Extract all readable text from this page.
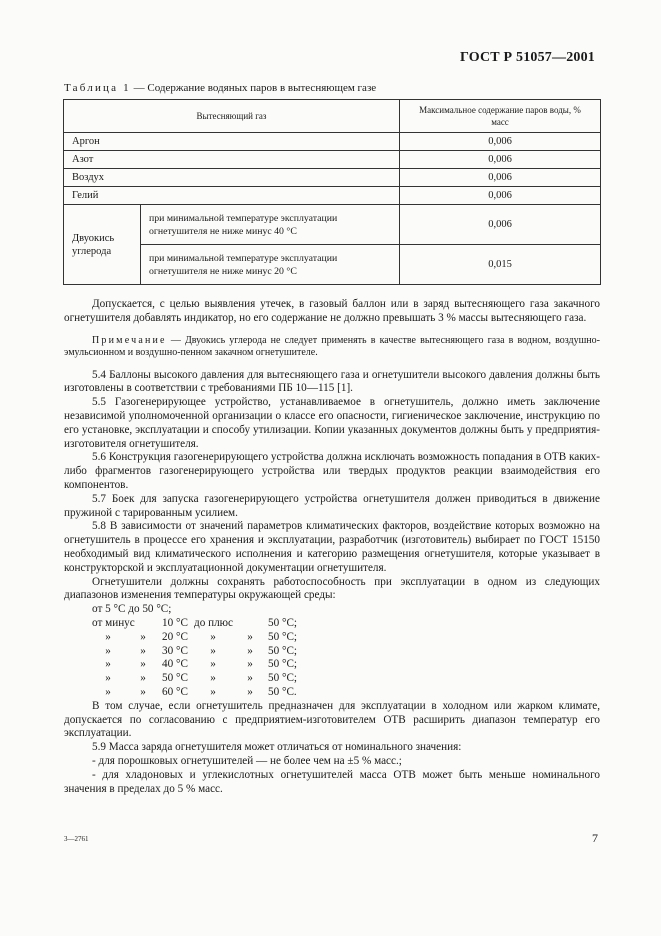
ГОСТ Р 51057—2001
Таблица 1 — Содержание водяных паров в вытесняющем газе
Вытесняющий газ		Максимальное содержание паров воды, % масс
Аргон		0,006
Азот		0,006
Воздух		0,006
Гелий		0,006
Двуокись углерода	при минимальной температуре эксплуатации огнетушителя не ниже минус 40 °С	0,006
	при минимальной температуре эксплуатации огнетушителя не ниже минус 20 °С	0,015

Допускается, с целью выявления утечек, в газовый баллон или в заряд вытесняющего газа закачного огнетушителя добавлять индикатор, но его содержание не должно превышать 3 % массы вытесняющего газа.

Примечание — Двуокись углерода не следует применять в качестве вытесняющего газа в водном, воздушно-эмульсионном и воздушно-пенном закачном огнетушителе.

5.4 Баллоны высокого давления для вытесняющего газа и огнетушители высокого давления должны быть изготовлены в соответствии с требованиями ПБ 10—115 [1].

5.5 Газогенерирующее устройство, устанавливаемое в огнетушитель, должно иметь заключение независимой уполномоченной организации о классе его опасности, гигиеническое заключение, инструкцию по его установке, эксплуатации и способу утилизации. Копии указанных документов должны быть у предприятия-изготовителя огнетушителя.

5.6 Конструкция газогенерирующего устройства должна исключать возможность попадания в ОТВ каких-либо фрагментов газогенерирующего устройства или твердых продуктов реакции взаимодействия его компонентов.

5.7 Боек для запуска газогенерирующего устройства огнетушителя должен приводиться в движение пружиной с тарированным усилием.

5.8 В зависимости от значений параметров климатических факторов, воздействие которых возможно на огнетушитель в процессе его хранения и эксплуатации, разработчик (изготовитель) выбирает по ГОСТ 15150 необходимый вид климатического исполнения и категорию размещения огнетушителя, которые указывает в конструкторской и эксплуатационной документации огнетушителя.

Огнетушители должны сохранять работоспособность при эксплуатации в одном из следующих диапазонов изменения температуры окружающей среды:

от 5 °С до 50 °С;

от минус		10 °С	до плюс		50 °С;
»	»	20 °С	»	»	50 °С;
»	»	30 °С	»	»	50 °С;
»	»	40 °С	»	»	50 °С;
»	»	50 °С	»	»	50 °С;
»	»	60 °С	»	»	50 °С.

В том случае, если огнетушитель предназначен для эксплуатации в холодном или жарком климате, допускается по согласованию с предприятием-изготовителем ОТВ расширить диапазон температур его эксплуатации.

5.9 Масса заряда огнетушителя может отличаться от номинального значения:

- для порошковых огнетушителей — не более чем на ±5 % масс.;

- для хладоновых и углекислотных огнетушителей масса ОТВ может быть меньше номинального значения в пределах до 5 % масс.

3—2761	7
